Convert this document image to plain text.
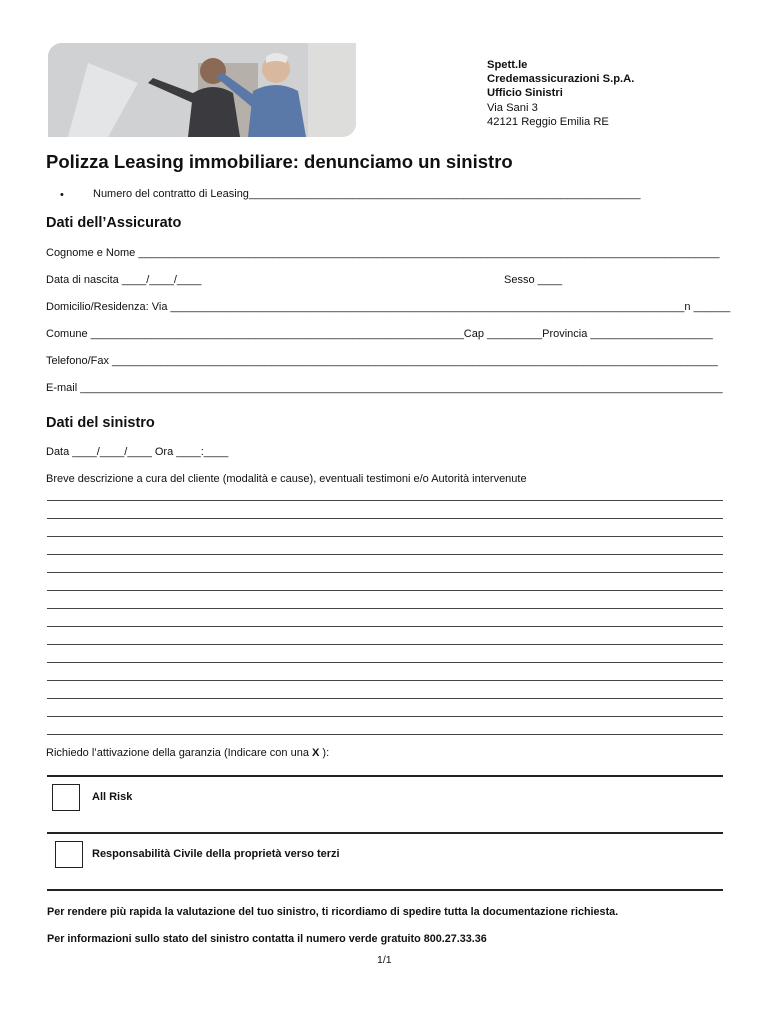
Spett.le
Credemassicurazioni S.p.A.
Ufficio Sinistri
Via Sani 3
42121 Reggio Emilia RE
Polizza Leasing immobiliare: denunciamo un sinistro
•	Numero del contratto di Leasing________________________________________________________________
Dati dell’Assicurato
Cognome e Nome _______________________________________________________________________________________________
Data di nascita ____/____/____	Sesso ____
Domicilio/Residenza: Via ____________________________________________________________________________________n ______
Comune _____________________________________________________________Cap _________Provincia ____________________
Telefono/Fax ___________________________________________________________________________________________________
E-mail _________________________________________________________________________________________________________
Dati del sinistro
Data ____/____/____ Ora ____:____
Breve descrizione a cura del cliente (modalità e cause), eventuali testimoni e/o Autorità intervenute
Richiedo l’attivazione della garanzia (Indicare con una X ):
All Risk
Responsabilità Civile della proprietà verso terzi
Per rendere più rapida la valutazione del tuo sinistro, ti ricordiamo di spedire tutta la documentazione richiesta.
Per informazioni sullo stato del sinistro contatta il numero verde gratuito 800.27.33.36
1/1
